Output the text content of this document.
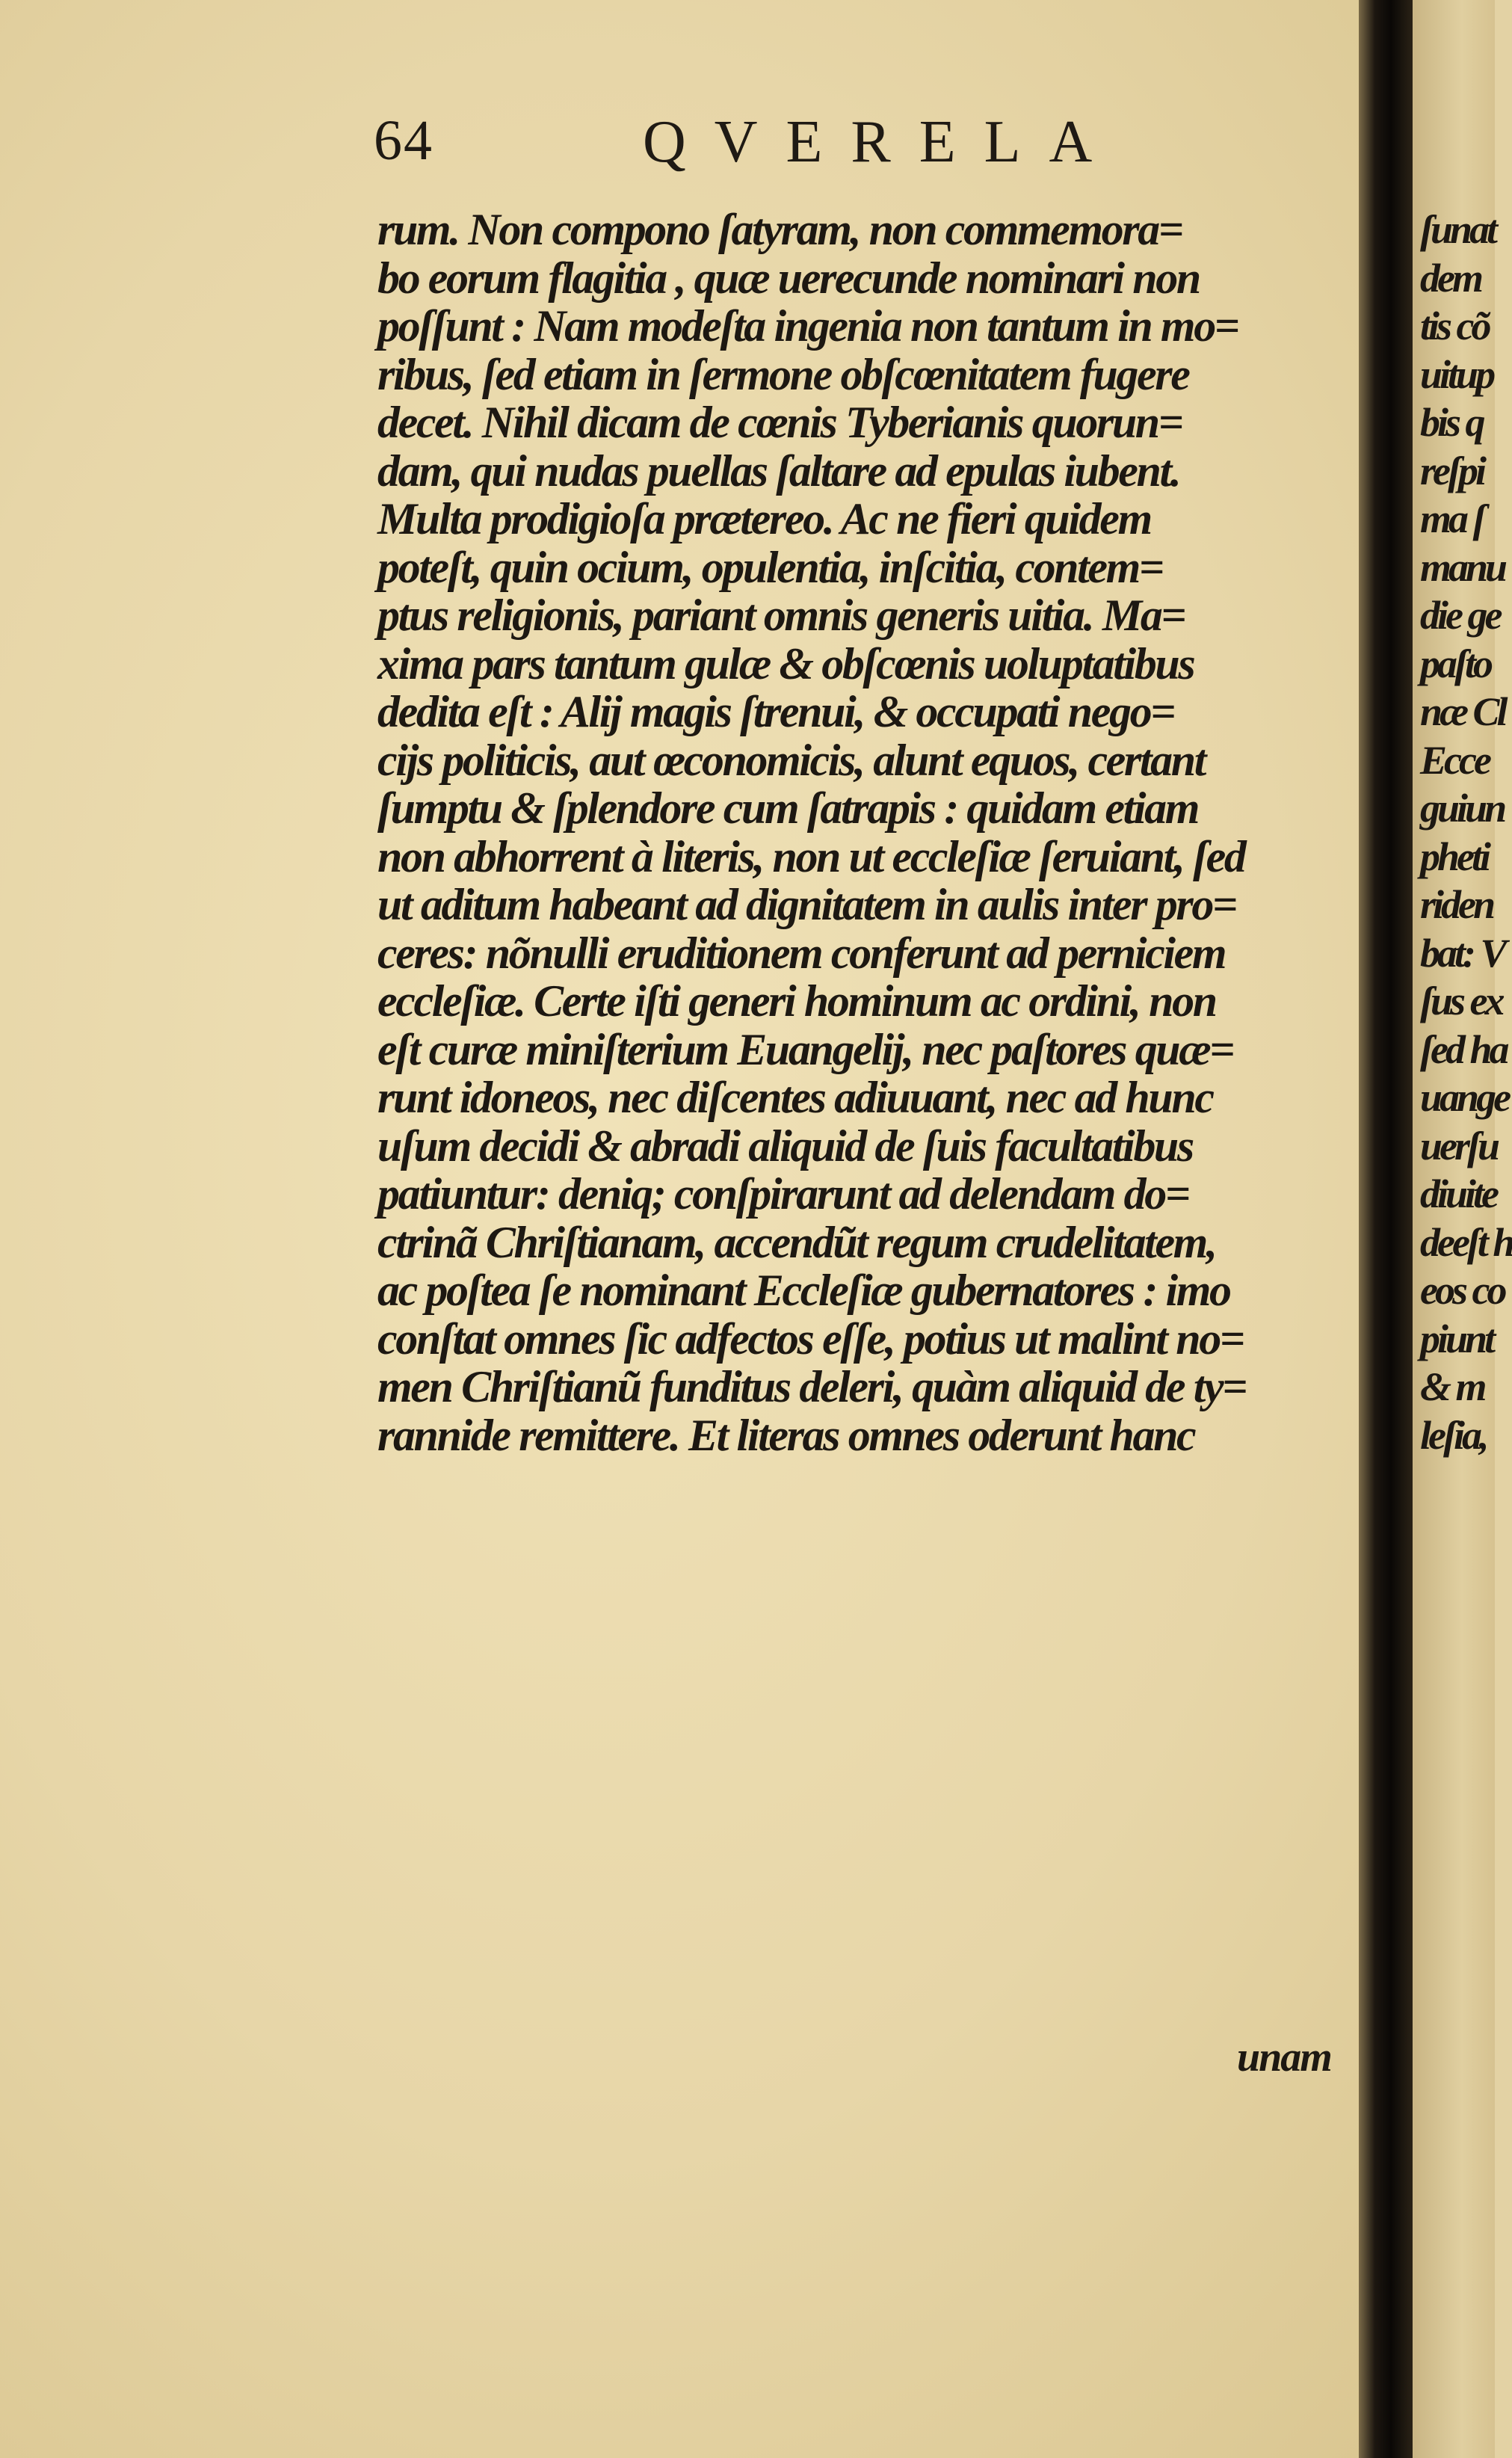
64	QVERELA
rum. Non compono ſatyram, non commemora=
bo eorum flagitia , quæ uerecunde nominari non
poſſunt : Nam modeſta ingenia non tantum in mo=
ribus, ſed etiam in ſermone obſcœnitatem fugere
decet. Nihil dicam de cœnis Tyberianis quorun=
dam, qui nudas puellas ſaltare ad epulas iubent.
Multa prodigioſa prætereo. Ac ne fieri quidem
poteſt, quin ocium, opulentia, inſcitia, contem=
ptus religionis, pariant omnis generis uitia. Ma=
xima pars tantum gulæ & obſcœnis uoluptatibus
dedita eſt : Alij magis ſtrenui, & occupati nego=
cijs politicis, aut œconomicis, alunt equos, certant
ſumptu & ſplendore cum ſatrapis : quidam etiam
non abhorrent à literis, non ut eccleſiæ ſeruiant, ſed
ut aditum habeant ad dignitatem in aulis inter pro=
ceres: nõnulli eruditionem conferunt ad perniciem
eccleſiæ. Certe iſti generi hominum ac ordini, non
eſt curæ miniſterium Euangelij, nec paſtores quæ=
runt idoneos, nec diſcentes adiuuant, nec ad hunc
uſum decidi & abradi aliquid de ſuis facultatibus
patiuntur: deniq; conſpirarunt ad delendam do=
ctrinã Chriſtianam, accendũt regum crudelitatem,
ac poſtea ſe nominant Eccleſiæ gubernatores : imo
conſtat omnes ſic adfectos eſſe, potius ut malint no=
men Chriſtianũ funditus deleri, quàm aliquid de ty=
rannide remittere. Et literas omnes oderunt hanc
unam
ſunat
dem
tis cõ
uitup
bis q
reſpi
ma ſ
manu
die ge
paſto
næ Cl
Ecce
guiun
pheti
riden
bat: V
ſus ex
ſed ha
uange
uerſu
diuite
deeſt h
eos co
piunt
& m
leſia,
